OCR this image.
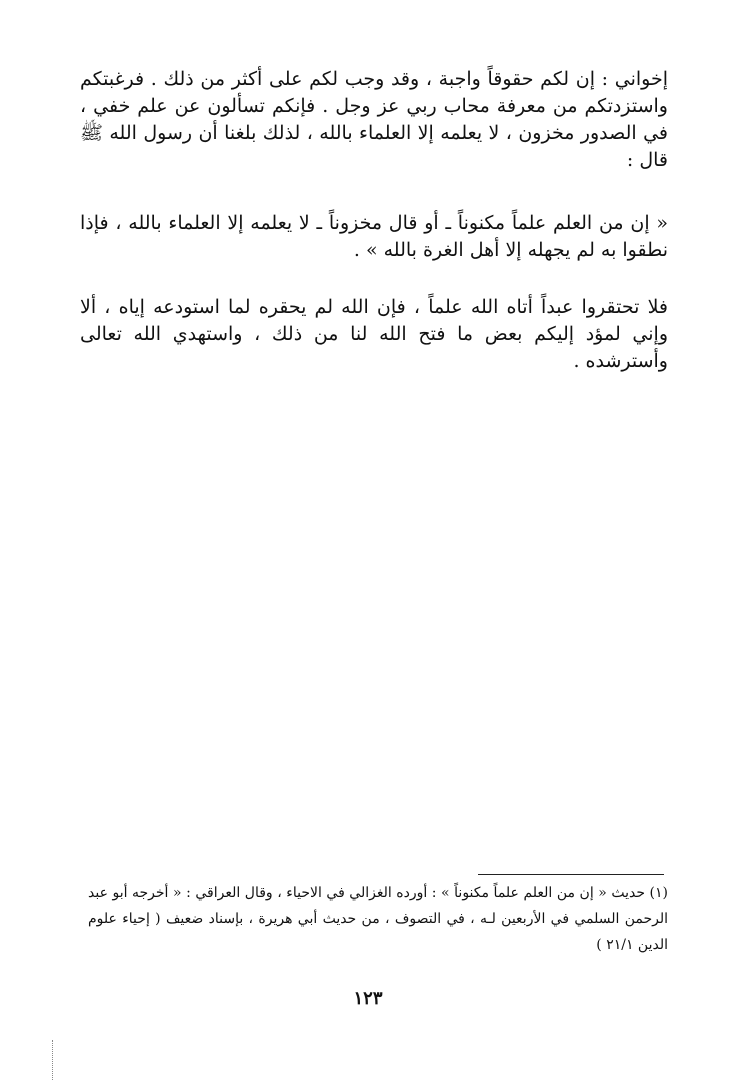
إخواني : إن لكم حقوقاً واجبة ، وقد وجب لكم على أكثر من ذلك . فرغبتكم واستزدتكم من معرفة محاب ربي عز وجل . فإنكم تسألون عن علم خفي ، في الصدور مخزون ، لا يعلمه إلا العلماء بالله ، لذلك بلغنا أن رسول الله ﷺ قال :

« إن من العلم علماً مكنوناً ـ أو قال مخزوناً ـ لا يعلمه إلا العلماء بالله ، فإذا نطقوا به لم يجهله إلا أهل الغرة بالله » .

فلا تحتقروا عبداً أتاه الله علماً ، فإن الله لم يحقره لما استودعه إياه ، ألا وإني لمؤد إليكم بعض ما فتح الله لنا من ذلك ، واستهدي الله تعالى وأسترشده .

(١) حديث « إن من العلم علماً مكنوناً » : أورده الغزالي في الاحياء ، وقال العراقي : « أخرجه أبو عبد الرحمن السلمي في الأربعين لـه ، في التصوف ، من حديث أبي هريرة ، بإسناد ضعيف ( إحياء علوم الدين ٢١/١ )

١٢٣
